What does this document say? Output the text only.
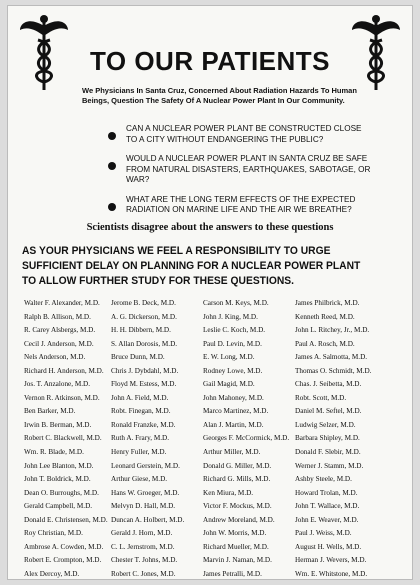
TO OUR PATIENTS
We Physicians In Santa Cruz, Concerned About Radiation Hazards To Human Beings, Question The Safety Of A Nuclear Power Plant In Our Community.
CAN A NUCLEAR POWER PLANT BE CONSTRUCTED CLOSE TO A CITY WITHOUT ENDANGERING THE PUBLIC?
WOULD A NUCLEAR POWER PLANT IN SANTA CRUZ BE SAFE FROM NATURAL DISASTERS, EARTHQUAKES, SABOTAGE, OR WAR?
WHAT ARE THE LONG TERM EFFECTS OF THE EXPECTED RADIATION ON MARINE LIFE AND THE AIR WE BREATHE?
Scientists disagree about the answers to these questions
AS YOUR PHYSICIANS WE FEEL A RESPONSIBILITY TO URGE SUFFICIENT DELAY ON PLANNING FOR A NUCLEAR POWER PLANT TO ALLOW FURTHER STUDY FOR THESE QUESTIONS.
Walter F. Alexander, M.D.
Ralph B. Allison, M.D.
R. Carey Alsbergs, M.D.
Cecil J. Anderson, M.D.
Nels Anderson, M.D.
Richard H. Anderson, M.D.
Jos. T. Anzalone, M.D.
Vernon R. Atkinson, M.D.
Ben Barker, M.D.
Irwin B. Berman, M.D.
Robert C. Blackwell, M.D.
Wm. R. Blade, M.D.
John Lee Blanton, M.D.
John T. Boldrick, M.D.
Dean O. Burroughs, M.D.
Gerald Campbell, M.D.
Donald E. Christensen, M.D.
Roy Christian, M.D.
Ambrose A. Cowden, M.D.
Robert E. Crompton, M.D.
Alex Dercoy, M.D.
Jerome B. Deck, M.D.
A. G. Dickerson, M.D.
H. H. Dibbern, M.D.
S. Allan Dorosis, M.D.
Bruce Dunn, M.D.
Chris J. Dybdahl, M.D.
Floyd M. Estess, M.D.
John A. Field, M.D.
Robt. Finegan, M.D.
Ronald Franzke, M.D.
Ruth A. Frary, M.D.
Henry Fuller, M.D.
Leonard Gerstein, M.D.
Arthur Giese, M.D.
Hans W. Groeger, M.D.
Melvyn D. Hall, M.D.
Duncan A. Holbert, M.D.
Gerald J. Horn, M.D.
C. L. Jernstrom, M.D.
Chester T. Johns, M.D.
Robert C. Jones, M.D.
Carson M. Keys, M.D.
John J. King, M.D.
Leslie C. Koch, M.D.
Paul D. Levin, M.D.
E. W. Long, M.D.
Rodney Lowe, M.D.
Gail Magid, M.D.
John Mahoney, M.D.
Marco Martinez, M.D.
Alan J. Martin, M.D.
Georges F. McCormick, M.D.
Arthur Miller, M.D.
Donald G. Miller, M.D.
Richard G. Mills, M.D.
Ken Miura, M.D.
Victor F. Mockus, M.D.
Andrew Moreland, M.D.
John W. Morris, M.D.
Richard Mueller, M.D.
Marvin J. Naman, M.D.
James Petralli, M.D.
James Philbrick, M.D.
Kenneth Reed, M.D.
John L. Ritchey, Jr., M.D.
Paul A. Rosch, M.D.
James A. Salmotta, M.D.
Thomas O. Schmidt, M.D.
Chas. J. Seibetta, M.D.
Robt. Scott, M.D.
Daniel M. Seftel, M.D.
Ludwig Selzer, M.D.
Barbara Shipley, M.D.
Donald F. Slebir, M.D.
Werner J. Stamm, M.D.
Ashby Steele, M.D.
Howard Trolan, M.D.
John T. Wallace, M.D.
John E. Weaver, M.D.
Paul J. Weiss, M.D.
August H. Wells, M.D.
Herman J. Wevers, M.D.
Wm. E. Whitstone, M.D.
